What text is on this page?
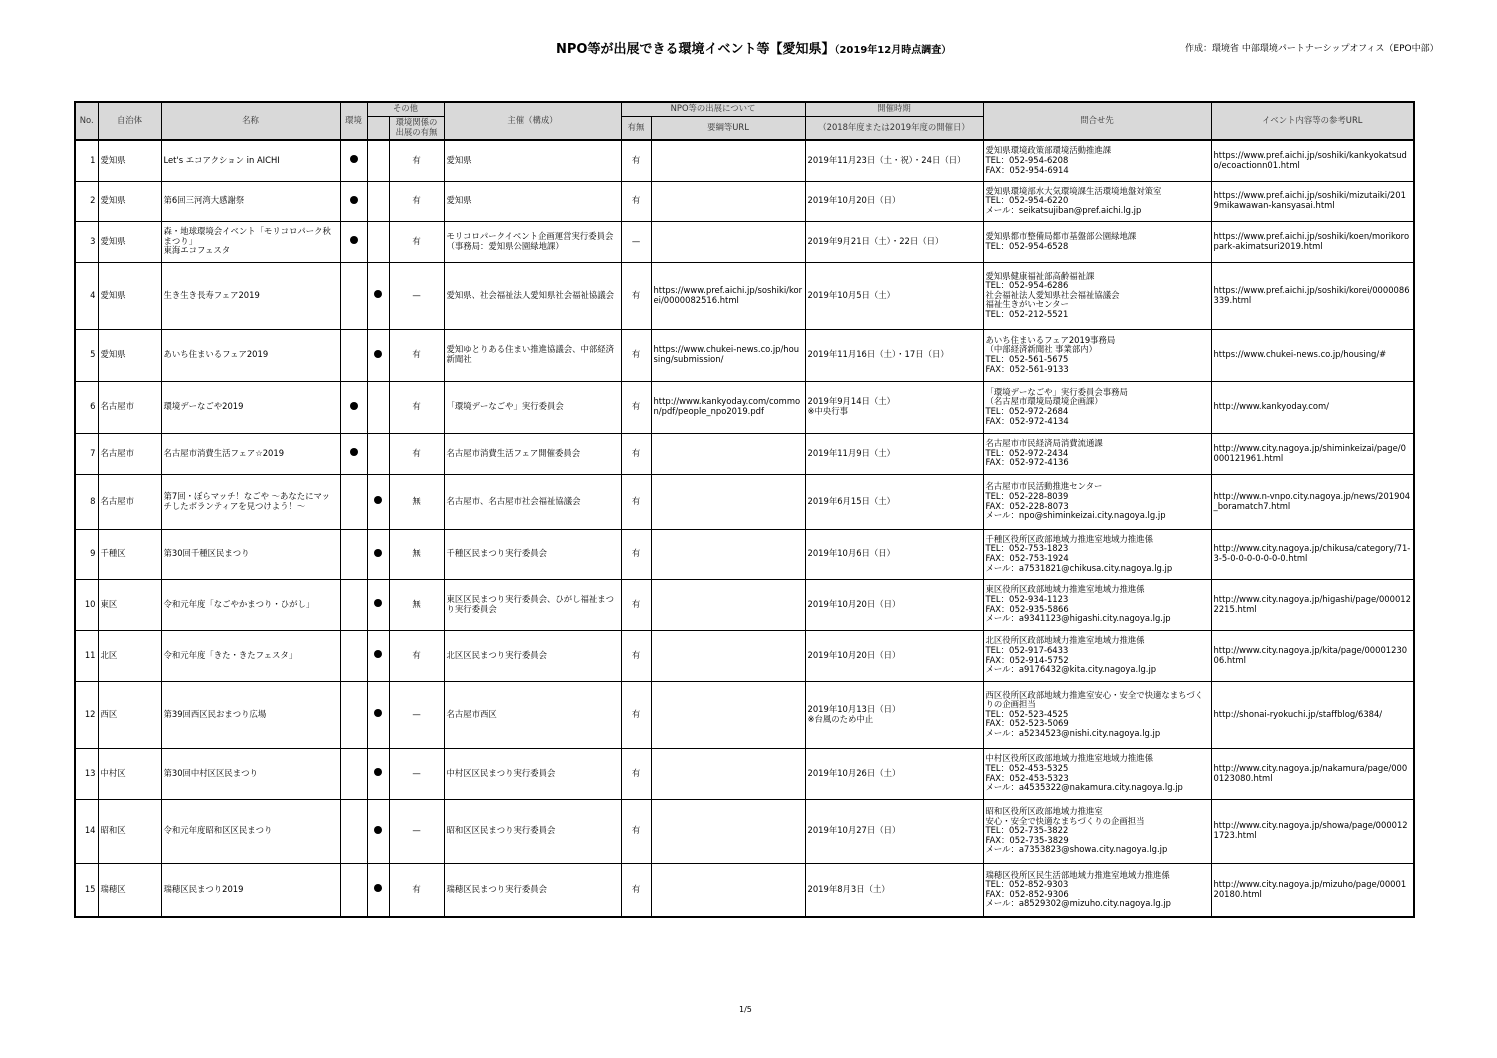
NPO等が出展できる環境イベント等【愛知県】（2019年12月時点調査）	作成：環境省 中部環境パートナーシップオフィス（EPO中部）
No.	自治体	名称	環境	その他		主催（構成）	NPO等の出展について		開催時期	問合せ先	イベント内容等の参考URL
					環境関係の出展の有無		有無	要綱等URL	（2018年度または2019年度の開催日）		
1	愛知県	Let's エコアクション in AICHI			有	愛知県	有		2019年11月23日（土・祝）・24日（日）	愛知県環境政策部環境活動推進課
TEL：052-954-6208
FAX：052-954-6914	https://www.pref.aichi.jp/soshiki/kankyokatsudo/ecoactionn01.html
2	愛知県	第6回三河湾大感謝祭			有	愛知県	有		2019年10月20日（日）	愛知県環境部水大気環境課生活環境地盤対策室
TEL：052-954-6220
メール：seikatsujiban@pref.aichi.lg.jp	https://www.pref.aichi.jp/soshiki/mizutaiki/2019mikawawan-kansyasai.html
3	愛知県	森・地球環境会イベント「モリコロパーク秋まつり」
東海エコフェスタ			有	モリコロパークイベント企画運営実行委員会（事務局：愛知県公園緑地課）	—		2019年9月21日（土）・22日（日）	愛知県都市整備局都市基盤部公園緑地課
TEL：052-954-6528	https://www.pref.aichi.jp/soshiki/koen/morikoropark-akimatsuri2019.html
4	愛知県	生き生き長寿フェア2019			—	愛知県、社会福祉法人愛知県社会福祉協議会	有	https://www.pref.aichi.jp/soshiki/korei/0000082516.html	2019年10月5日（土）	愛知県健康福祉部高齢福祉課
TEL：052-954-6286
社会福祉法人愛知県社会福祉協議会
福祉生きがいセンター
TEL：052-212-5521	https://www.pref.aichi.jp/soshiki/korei/0000086339.html
5	愛知県	あいち住まいるフェア2019			有	愛知ゆとりある住まい推進協議会、中部経済新聞社	有	https://www.chukei-news.co.jp/housing/submission/	2019年11月16日（土）・17日（日）	あいち住まいるフェア2019事務局
（中部経済新聞社 事業部内）
TEL：052-561-5675
FAX：052-561-9133	https://www.chukei-news.co.jp/housing/#
6	名古屋市	環境デーなごや2019			有	「環境デーなごや」実行委員会	有	http://www.kankyoday.com/common/pdf/people_npo2019.pdf	2019年9月14日（土）
※中央行事	「環境デーなごや」実行委員会事務局
（名古屋市環境局環境企画課）
TEL：052-972-2684
FAX：052-972-4134	http://www.kankyoday.com/
7	名古屋市	名古屋市消費生活フェア☆2019			有	名古屋市消費生活フェア開催委員会	有		2019年11月9日（土）	名古屋市市民経済局消費流通課
TEL：052-972-2434
FAX：052-972-4136	http://www.city.nagoya.jp/shiminkeizai/page/0000121961.html
8	名古屋市	第7回・ぼらマッチ！なごや ～あなたにマッチしたボランティアを見つけよう！～			無	名古屋市、名古屋市社会福祉協議会	有		2019年6月15日（土）	名古屋市市民活動推進センター
TEL：052-228-8039
FAX：052-228-8073
メール：npo@shiminkeizai.city.nagoya.lg.jp	http://www.n-vnpo.city.nagoya.jp/news/201904_boramatch7.html
9	千種区	第30回千種区民まつり			無	千種区民まつり実行委員会	有		2019年10月6日（日）	千種区役所区政部地域力推進室地域力推進係
TEL：052-753-1823
FAX：052-753-1924
メール：a7531821@chikusa.city.nagoya.lg.jp	http://www.city.nagoya.jp/chikusa/category/71-3-5-0-0-0-0-0-0-0.html
10	東区	令和元年度「なごやかまつり・ひがし」			無	東区区民まつり実行委員会、ひがし福祉まつり実行委員会	有		2019年10月20日（日）	東区役所区政部地域力推進室地域力推進係
TEL：052-934-1123
FAX：052-935-5866
メール：a9341123@higashi.city.nagoya.lg.jp	http://www.city.nagoya.jp/higashi/page/0000122215.html
11	北区	令和元年度「きた・きたフェスタ」			有	北区区民まつり実行委員会	有		2019年10月20日（日）	北区役所区政部地域力推進室地域力推進係
TEL：052-917-6433
FAX：052-914-5752
メール：a9176432@kita.city.nagoya.lg.jp	http://www.city.nagoya.jp/kita/page/0000123006.html
12	西区	第39回西区民おまつり広場			—	名古屋市西区	有		2019年10月13日（日）
※台風のため中止	西区役所区政部地域力推進室安心・安全で快適なまちづくりの企画担当
TEL：052-523-4525
FAX：052-523-5069
メール：a5234523@nishi.city.nagoya.lg.jp	http://shonai-ryokuchi.jp/staffblog/6384/
13	中村区	第30回中村区区民まつり			—	中村区区民まつり実行委員会	有		2019年10月26日（土）	中村区役所区政部地域力推進室地域力推進係
TEL：052-453-5325
FAX：052-453-5323
メール：a4535322@nakamura.city.nagoya.lg.jp	http://www.city.nagoya.jp/nakamura/page/0000123080.html
14	昭和区	令和元年度昭和区区民まつり			—	昭和区区民まつり実行委員会	有		2019年10月27日（日）	昭和区役所区政部地域力推進室
安心・安全で快適なまちづくりの企画担当
TEL：052-735-3822
FAX：052-735-3829
メール：a7353823@showa.city.nagoya.lg.jp	http://www.city.nagoya.jp/showa/page/0000121723.html
15	瑞穂区	瑞穂区民まつり2019			有	瑞穂区民まつり実行委員会	有		2019年8月3日（土）	瑞穂区役所区民生活部地域力推進室地域力推進係
TEL：052-852-9303
FAX：052-852-9306
メール：a8529302@mizuho.city.nagoya.lg.jp	http://www.city.nagoya.jp/mizuho/page/0000120180.html
1/5
